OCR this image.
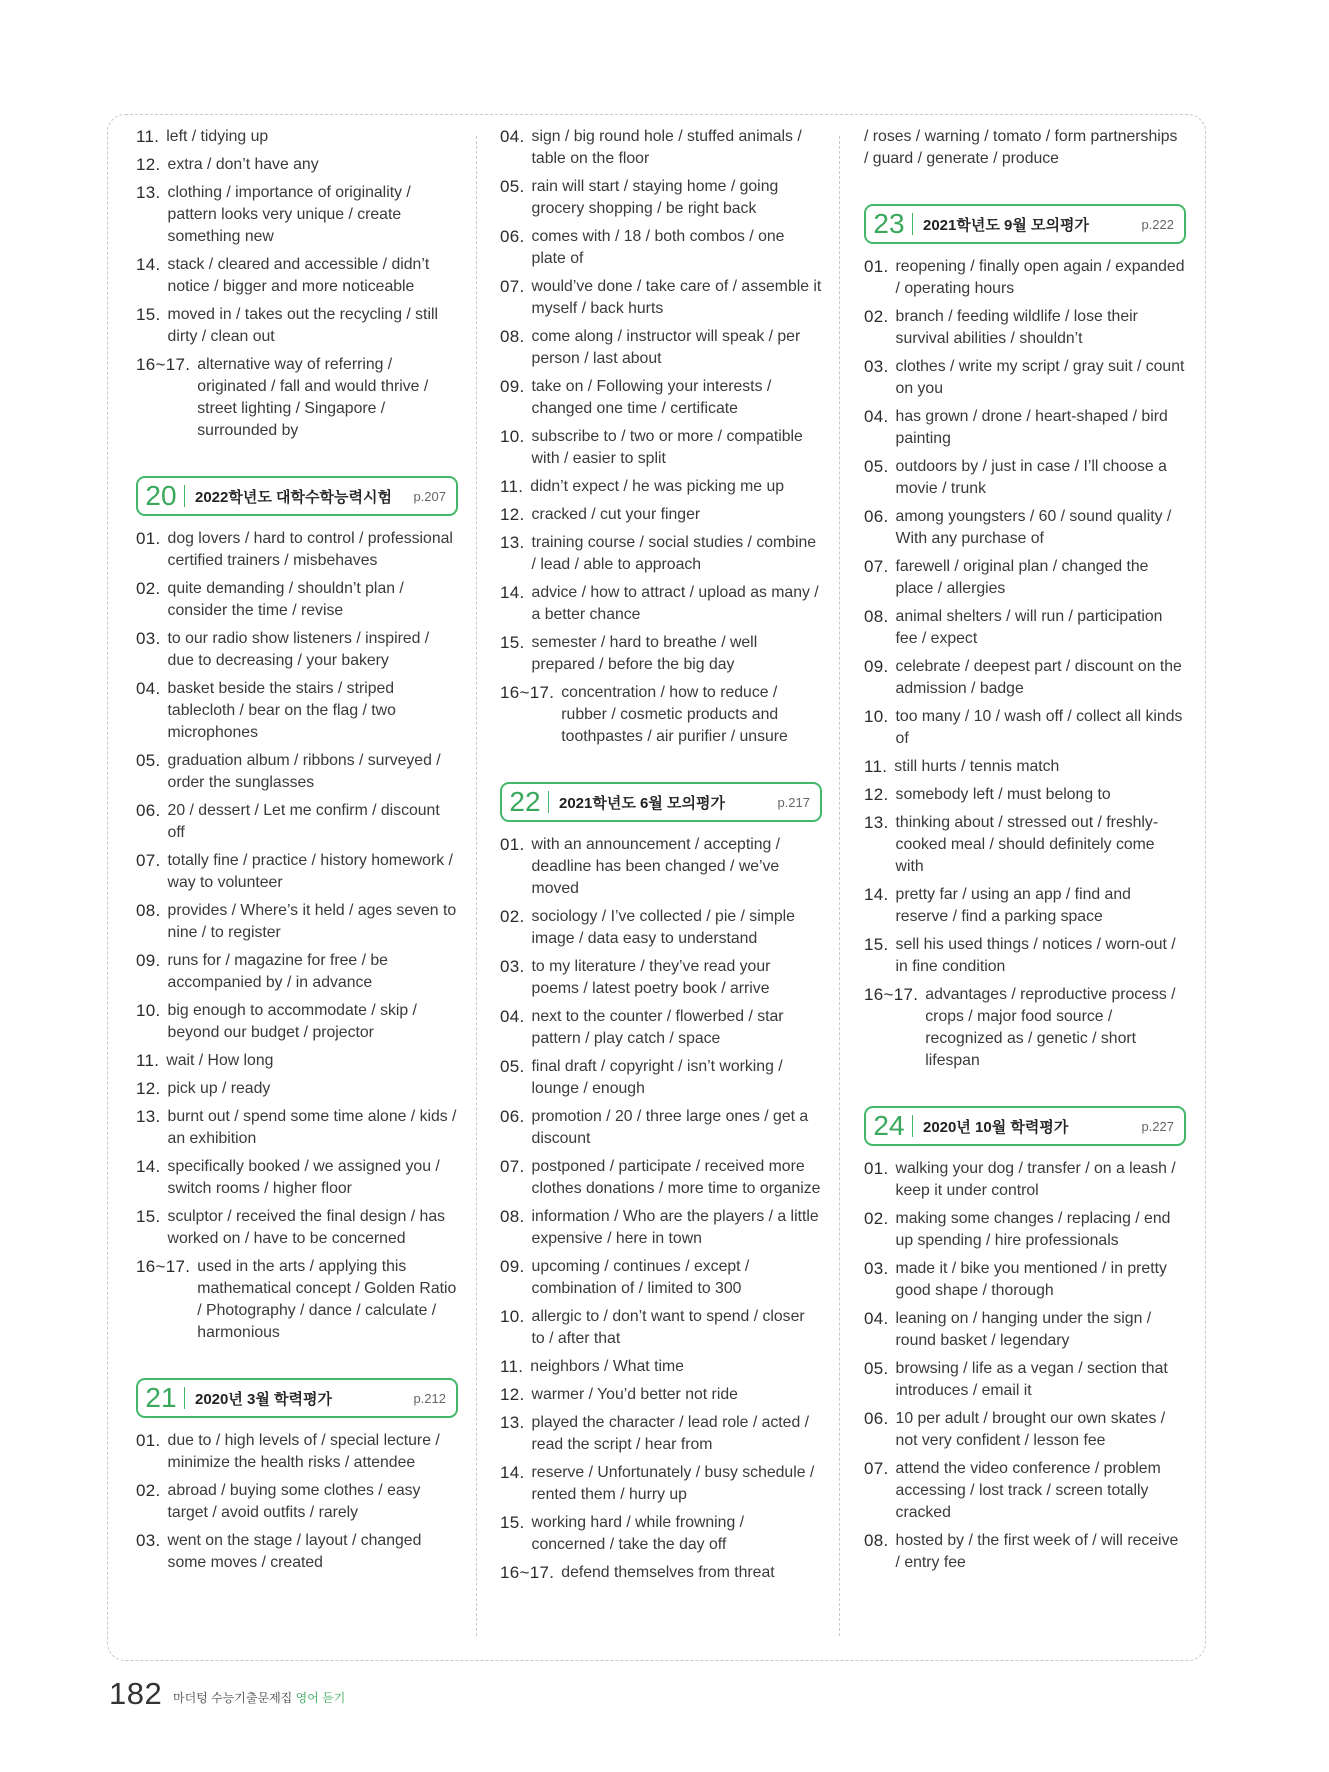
11. left / tidying up
12. extra / don’t have any
13. clothing / importance of originality / pattern looks very unique / create something new
14. stack / cleared and accessible / didn’t notice / bigger and more noticeable
15. moved in / takes out the recycling / still dirty / clean out
16~17. alternative way of referring / originated / fall and would thrive / street lighting / Singapore / surrounded by
20	2022학년도 대학수학능력시험	p.207
01. dog lovers / hard to control / professional certified trainers / misbehaves
02. quite demanding / shouldn’t plan / consider the time / revise
03. to our radio show listeners / inspired / due to decreasing / your bakery
04. basket beside the stairs / striped tablecloth / bear on the flag / two microphones
05. graduation album / ribbons / surveyed / order the sunglasses
06. 20 / dessert / Let me confirm / discount off
07. totally fine / practice / history homework / way to volunteer
08. provides / Where’s it held / ages seven to nine / to register
09. runs for / magazine for free / be accompanied by / in advance
10. big enough to accommodate / skip / beyond our budget / projector
11. wait / How long
12. pick up / ready
13. burnt out / spend some time alone / kids / an exhibition
14. specifically booked / we assigned you / switch rooms / higher floor
15. sculptor / received the final design / has worked on / have to be concerned
16~17. used in the arts / applying this mathematical concept / Golden Ratio / Photography / dance / calculate / harmonious
21	2020년 3월 학력평가	p.212
01. due to / high levels of / special lecture / minimize the health risks / attendee
02. abroad / buying some clothes / easy target / avoid outfits / rarely
03. went on the stage / layout / changed some moves / created
04. sign / big round hole / stuffed animals / table on the floor
05. rain will start / staying home / going grocery shopping / be right back
06. comes with / 18 / both combos / one plate of
07. would’ve done / take care of / assemble it myself / back hurts
08. come along / instructor will speak / per person / last about
09. take on / Following your interests / changed one time / certificate
10. subscribe to / two or more / compatible with / easier to split
11. didn’t expect / he was picking me up
12. cracked / cut your finger
13. training course / social studies / combine / lead / able to approach
14. advice / how to attract / upload as many / a better chance
15. semester / hard to breathe / well prepared / before the big day
16~17. concentration / how to reduce / rubber / cosmetic products and toothpastes / air purifier / unsure
22	2021학년도 6월 모의평가	p.217
01. with an announcement / accepting / deadline has been changed / we’ve moved
02. sociology / I’ve collected / pie / simple image / data easy to understand
03. to my literature / they’ve read your poems / latest poetry book / arrive
04. next to the counter / flowerbed / star pattern / play catch / space
05. final draft / copyright / isn’t working / lounge / enough
06. promotion / 20 / three large ones / get a discount
07. postponed / participate / received more clothes donations / more time to organize
08. information / Who are the players / a little expensive / here in town
09. upcoming / continues / except / combination of / limited to 300
10. allergic to / don’t want to spend / closer to / after that
11. neighbors / What time
12. warmer / You’d better not ride
13. played the character / lead role / acted / read the script / hear from
14. reserve / Unfortunately / busy schedule / rented them / hurry up
15. working hard / while frowning / concerned / take the day off
16~17. defend themselves from threat
/ roses / warning / tomato / form partnerships / guard / generate / produce
23	2021학년도 9월 모의평가	p.222
01. reopening / finally open again / expanded / operating hours
02. branch / feeding wildlife / lose their survival abilities / shouldn’t
03. clothes / write my script / gray suit / count on you
04. has grown / drone / heart-shaped / bird painting
05. outdoors by / just in case / I’ll choose a movie / trunk
06. among youngsters / 60 / sound quality / With any purchase of
07. farewell / original plan / changed the place / allergies
08. animal shelters / will run / participation fee / expect
09. celebrate / deepest part / discount on the admission / badge
10. too many / 10 / wash off / collect all kinds of
11. still hurts / tennis match
12. somebody left / must belong to
13. thinking about / stressed out / freshly-cooked meal / should definitely come with
14. pretty far / using an app / find and reserve / find a parking space
15. sell his used things / notices / worn-out / in fine condition
16~17. advantages / reproductive process / crops / major food source / recognized as / genetic / short lifespan
24	2020년 10월 학력평가	p.227
01. walking your dog / transfer / on a leash / keep it under control
02. making some changes / replacing / end up spending / hire professionals
03. made it / bike you mentioned / in pretty good shape / thorough
04. leaning on / hanging under the sign / round basket / legendary
05. browsing / life as a vegan / section that introduces / email it
06. 10 per adult / brought our own skates / not very confident / lesson fee
07. attend the video conference / problem accessing / lost track / screen totally cracked
08. hosted by / the first week of / will receive / entry fee
182 마더텅 수능기출문제집 영어 듣기
